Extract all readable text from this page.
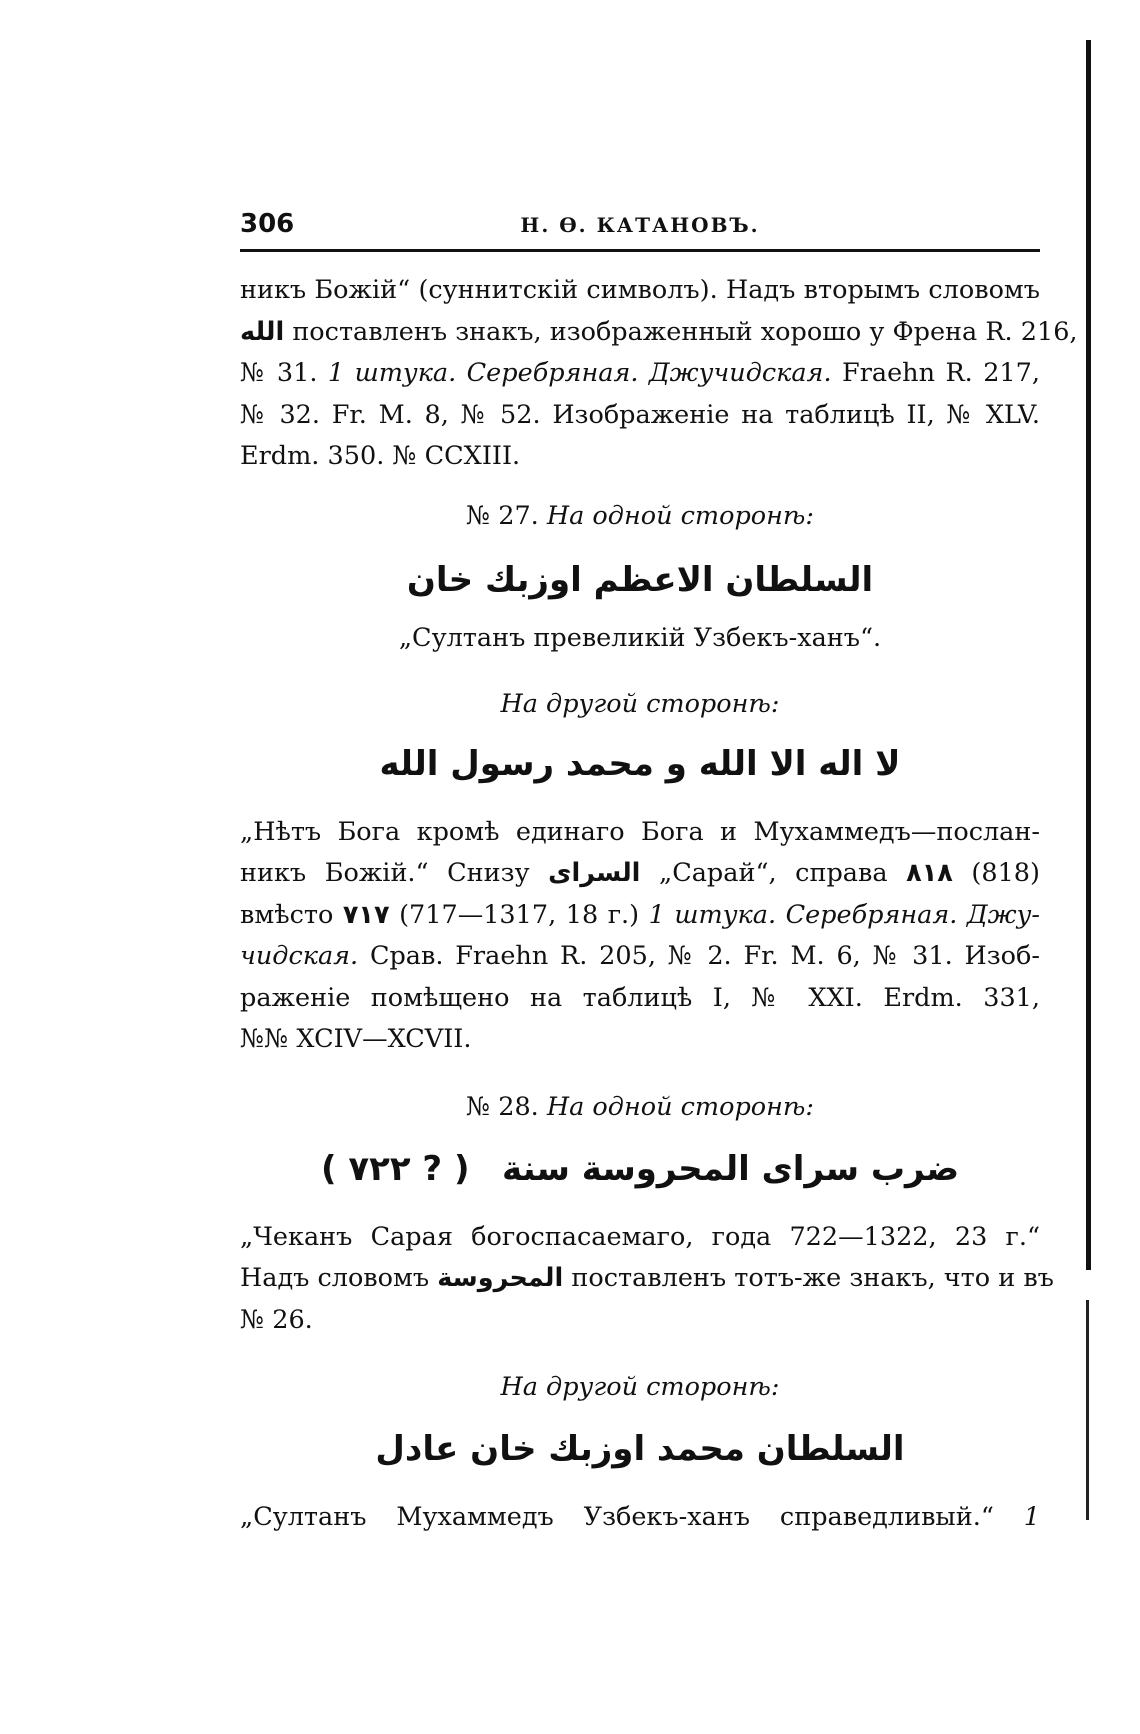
306	Н. Ѳ. КАТАНОВЪ.

никъ Божій“ (суннитскій символъ). Надъ вторымъ словомъ
الله поставленъ знакъ, изображенный хорошо у Френа R. 216,
№ 31. 1 штука. Серебряная. Джучидская. Fraehn R. 217,
№ 32. Fr. M. 8, № 52. Изображеніе на таблицѣ II, № XLV.
Erdm. 350. № CCXIII.

№ 27. На одной сторонѣ:

السلطان الاعظم اوزبك خان

„Султанъ превеликій Узбекъ-ханъ“.

На другой сторонѣ:

لا اله الا الله و محمد رسول الله

„Нѣтъ Бога кромѣ единаго Бога и Мухаммедъ—послан-
никъ Божій.“ Снизу السراى „Сарай“, справа ٨١٨ (818)
вмѣсто ٧١٧ (717—1317, 18 г.) 1 штука. Серебряная. Джу-
чидская. Срав. Fraehn R. 205, № 2. Fr. M. 6, № 31. Изоб-
раженіе помѣщено на таблицѣ I, № XXI. Erdm. 331,
№№ XCIV—XCVII.

№ 28. На одной сторонѣ:

( ٧٢٢ ? ) ضرب سراى المحروسة سنة

„Чеканъ Сарая богоспасаемаго, года 722—1322, 23 г.“
Надъ словомъ المحروسة поставленъ тотъ-же знакъ, что и въ
№ 26.

На другой сторонѣ:

السلطان محمد اوزبك خان عادل

„Султанъ Мухаммедъ Узбекъ-ханъ справедливый.“ 1
